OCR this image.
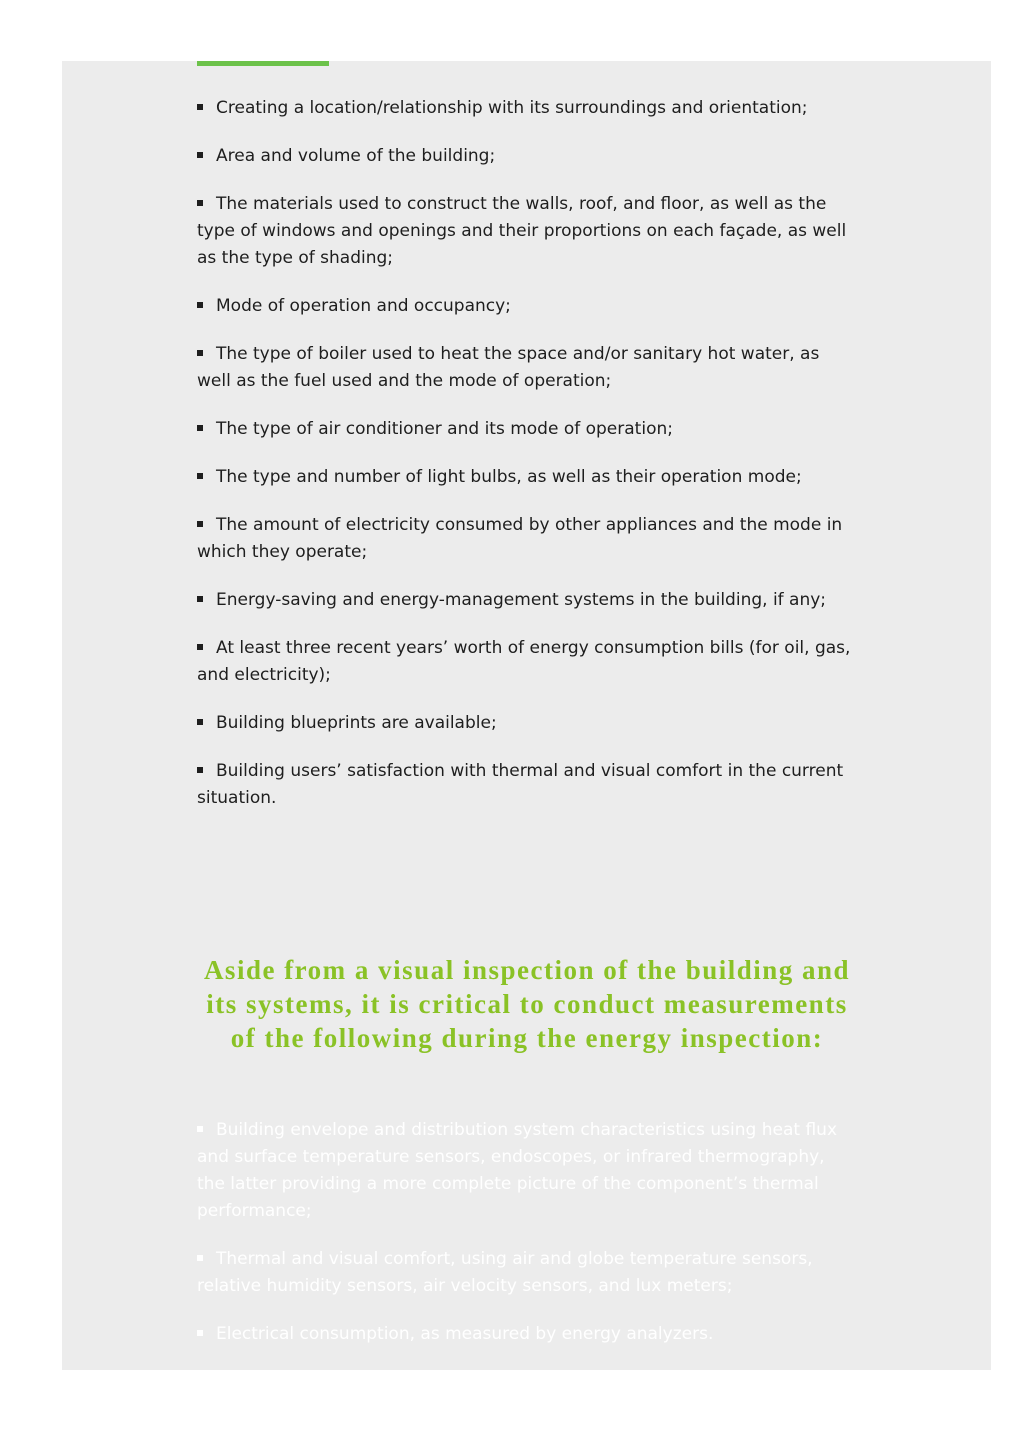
Creating a location/relationship with its surroundings and orientation;
Area and volume of the building;
The materials used to construct the walls, roof, and floor, as well as the type of windows and openings and their proportions on each façade, as well as the type of shading;
Mode of operation and occupancy;
The type of boiler used to heat the space and/or sanitary hot water, as well as the fuel used and the mode of operation;
The type of air conditioner and its mode of operation;
The type and number of light bulbs, as well as their operation mode;
The amount of electricity consumed by other appliances and the mode in which they operate;
Energy-saving and energy-management systems in the building, if any;
At least three recent years’ worth of energy consumption bills (for oil, gas, and electricity);
Building blueprints are available;
Building users’ satisfaction with thermal and visual comfort in the current situation.
Aside from a visual inspection of the building and its systems, it is critical to conduct measurements of the following during the energy inspection:
Building envelope and distribution system characteristics using heat flux and surface temperature sensors, endoscopes, or infrared thermography, the latter providing a more complete picture of the component’s thermal performance;
Thermal and visual comfort, using air and globe temperature sensors, relative humidity sensors, air velocity sensors, and lux meters;
Electrical consumption, as measured by energy analyzers.
